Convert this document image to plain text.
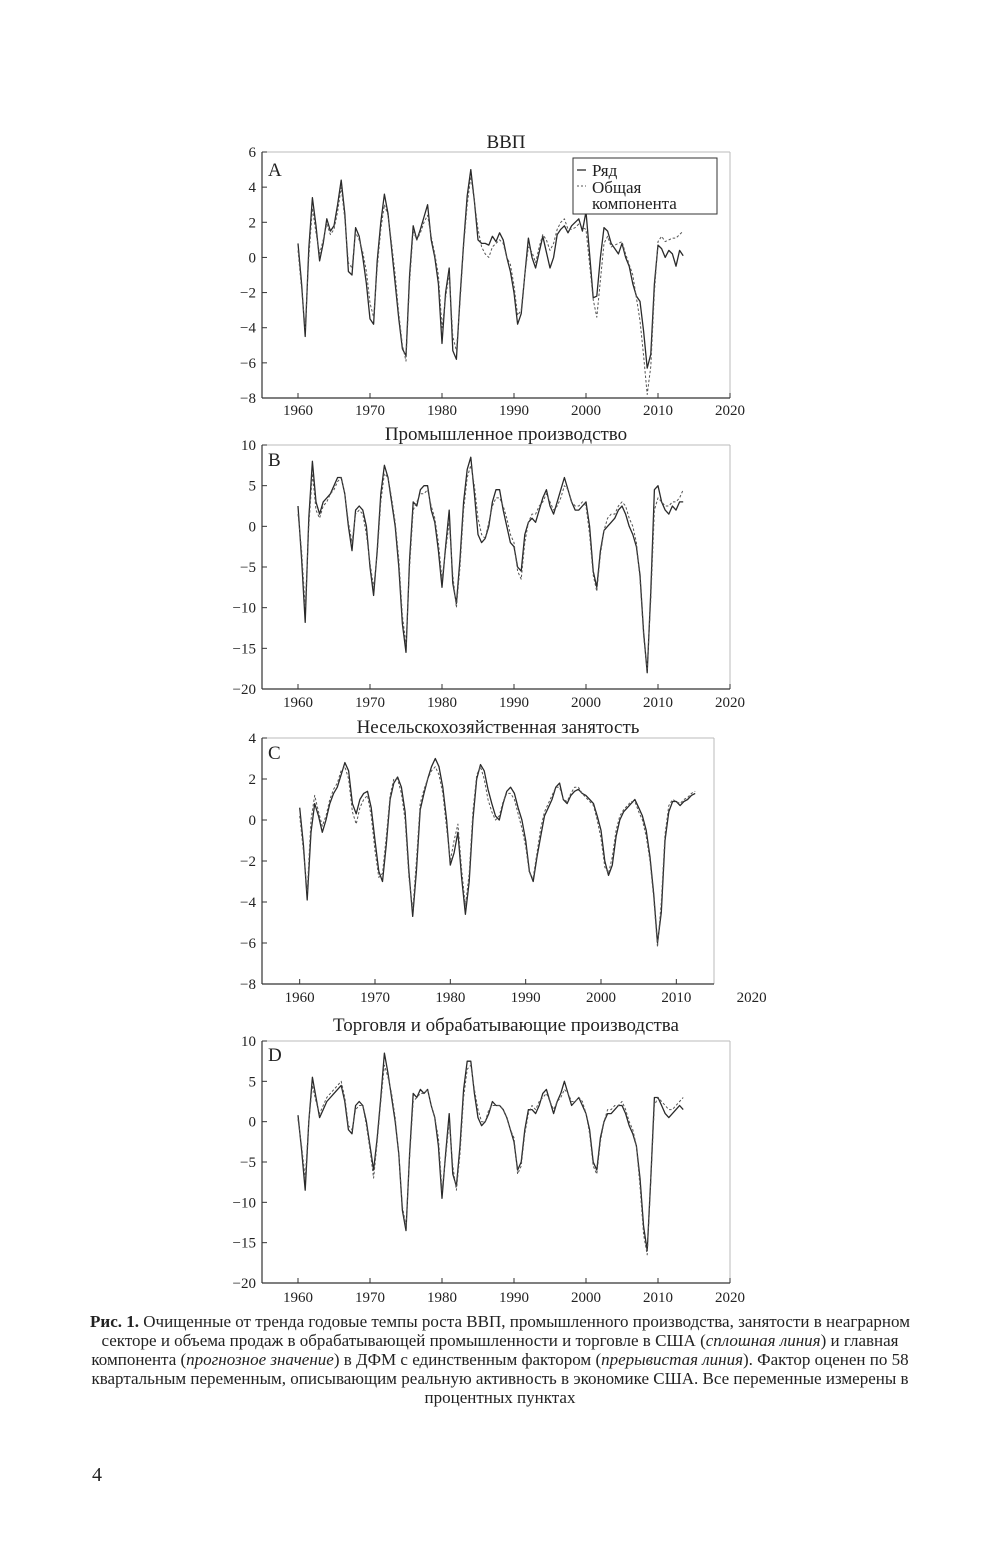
6
4
2
0
−2
−4
−6
−8
1960	1970	1980	1990	2000	2010	2020
ВВП
A	Ряд
Общая
компонента
10
5
0
−5
−10
−15
−20
1960	1970	1980	1990	2000	2010	2020
Промышленное производство
B
4
2
0
−2
−4
−6
−8
1960	1970	1980	1990	2000	2010	2020
Несельскохозяйственная занятость
C
10
5
0
−5
−10
−15
−20
1960	1970	1980	1990	2000	2010	2020
Торговля и обрабатывающие производства
D
Рис. 1. Очищенные от тренда годовые темпы роста ВВП, промышленного производства, занятости в неаграрном секторе и объема продаж в обрабатывающей промышленности и торговле в США (сплошная линия) и главная компонента (прогнозное значение) в ДФМ с единственным фактором (прерывистая линия). Фактор оценен по 58 квартальным переменным, описывающим реальную активность в экономике США. Все переменные измерены в процентных пунктах
4
